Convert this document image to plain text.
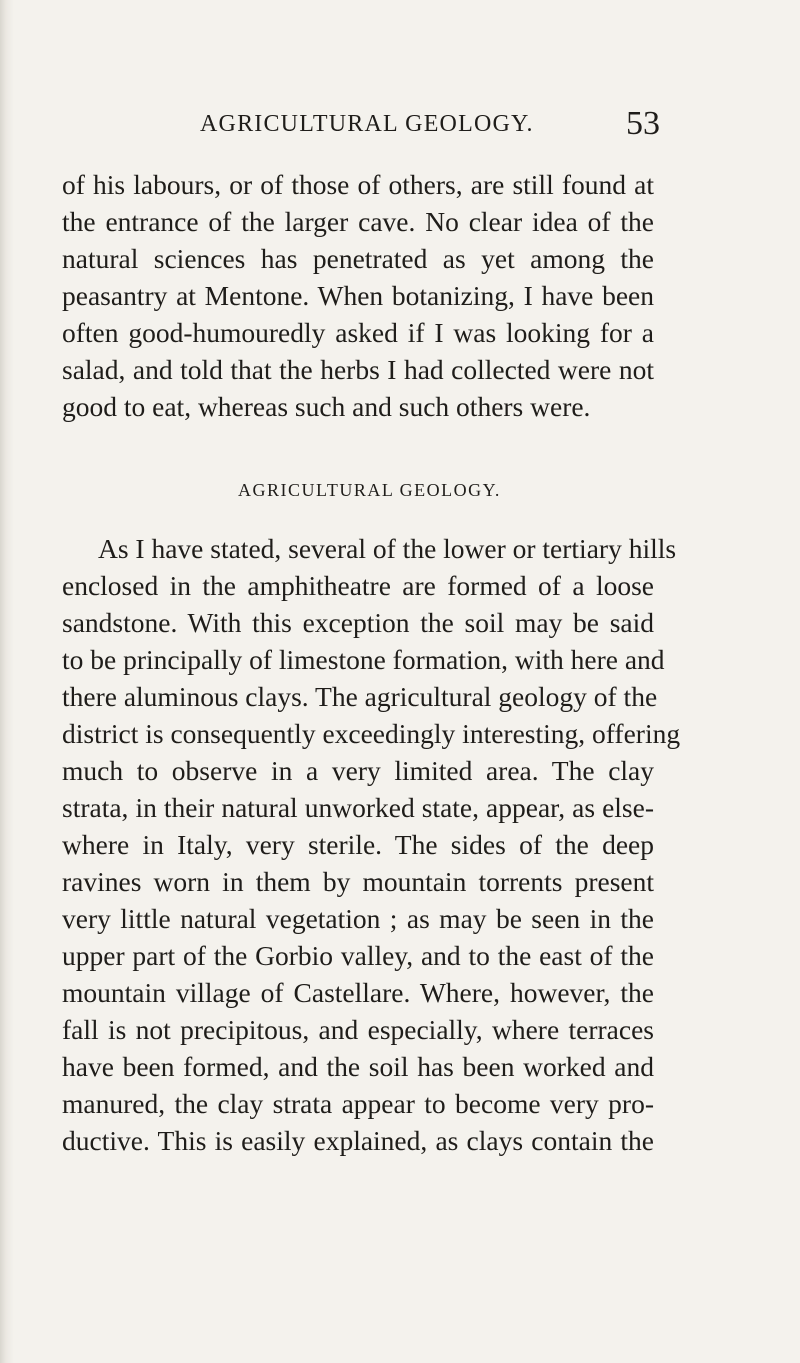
AGRICULTURAL GEOLOGY.	53
of his labours, or of those of others, are still found at
the entrance of the larger cave. No clear idea of the
natural sciences has penetrated as yet among the
peasantry at Mentone. When botanizing, I have been
often good-humouredly asked if I was looking for a
salad, and told that the herbs I had collected were not
good to eat, whereas such and such others were.
AGRICULTURAL GEOLOGY.
As I have stated, several of the lower or tertiary hills
enclosed in the amphitheatre are formed of a loose
sandstone. With this exception the soil may be said
to be principally of limestone formation, with here and
there aluminous clays. The agricultural geology of the
district is consequently exceedingly interesting, offering
much to observe in a very limited area. The clay
strata, in their natural unworked state, appear, as else-
where in Italy, very sterile. The sides of the deep
ravines worn in them by mountain torrents present
very little natural vegetation ; as may be seen in the
upper part of the Gorbio valley, and to the east of the
mountain village of Castellare. Where, however, the
fall is not precipitous, and especially, where terraces
have been formed, and the soil has been worked and
manured, the clay strata appear to become very pro-
ductive. This is easily explained, as clays contain the
